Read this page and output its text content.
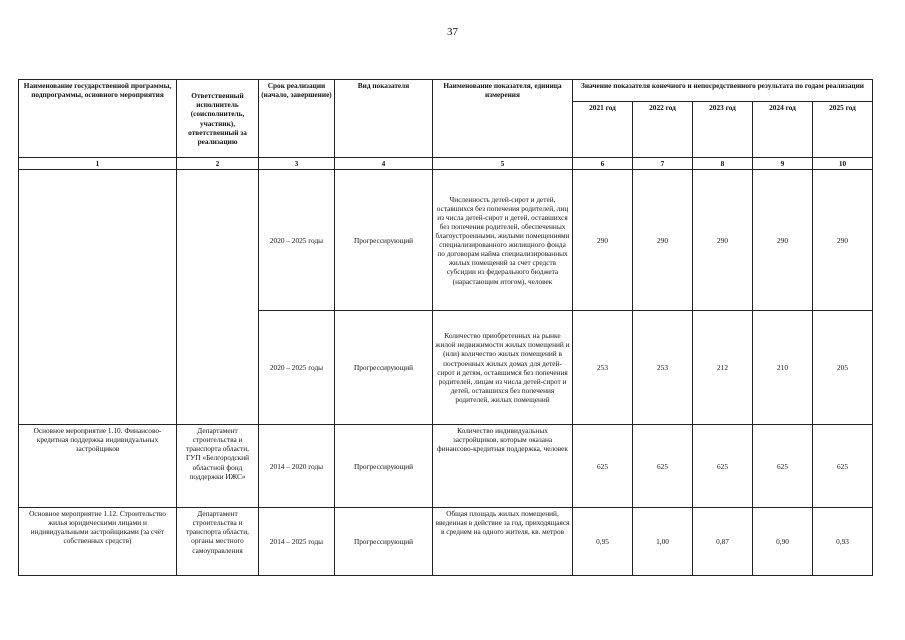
37
Наименование государственной программы, подпрограммы, основного мероприятия	Ответственный исполнитель (соисполнитель, участник), ответственный за реализацию	Срок реализации (начало, завершение)	Вид показателя	Наименование показателя, единица измерения	Значение показателя конечного и непосредственного результата по годам реализации				
					2021 год	2022 год	2023 год	2024 год	2025 год
1	2	3	4	5	6	7	8	9	10
		2020 – 2025 годы	Прогрессирующий	Численность детей-сирот и детей, оставшихся без попечения родителей, лиц из числа детей-сирот и детей, оставшихся без попечения родителей, обеспеченных благоустроенными, жилыми помещениями специализированного жилищного фонда по договорам найма специализированных жилых помещений за счет средств субсидии из федерального бюджета (нарастающим итогом), человек	290	290	290	290	290
		2020 – 2025 годы	Прогрессирующий	Количество приобретенных на рынке жилой недвижимости жилых помещений и (или) количество жилых помещений в построенных жилых домах для детей-сирот и детям, оставшимся без попечения родителей, лицам из числа детей-сирот и детей, оставшихся без попечения родителей, жилых помещений	253	253	212	210	205
Основное мероприятие 1.10. Финансово-кредитная поддержка индивидуальных застройщиков	Департамент строительства и транспорта области, ГУП «Белгородский областной фонд поддержки ИЖС»	2014 – 2020 годы	Прогрессирующий	Количество индивидуальных застройщиков, которым оказана финансово-кредитная поддержка, человек	625	625	625	625	625
Основное мероприятие 1.12. Строительство жилья юридическими лицами и индивидуальными застройщиками (за счёт собственных средств)	Департамент строительства и транспорта области, органы местного самоуправления	2014 – 2025 годы	Прогрессирующий	Общая площадь жилых помещений, введенная в действие за год, приходящаяся в среднем на одного жителя, кв. метров	0,95	1,00	0,87	0,90	0,93
